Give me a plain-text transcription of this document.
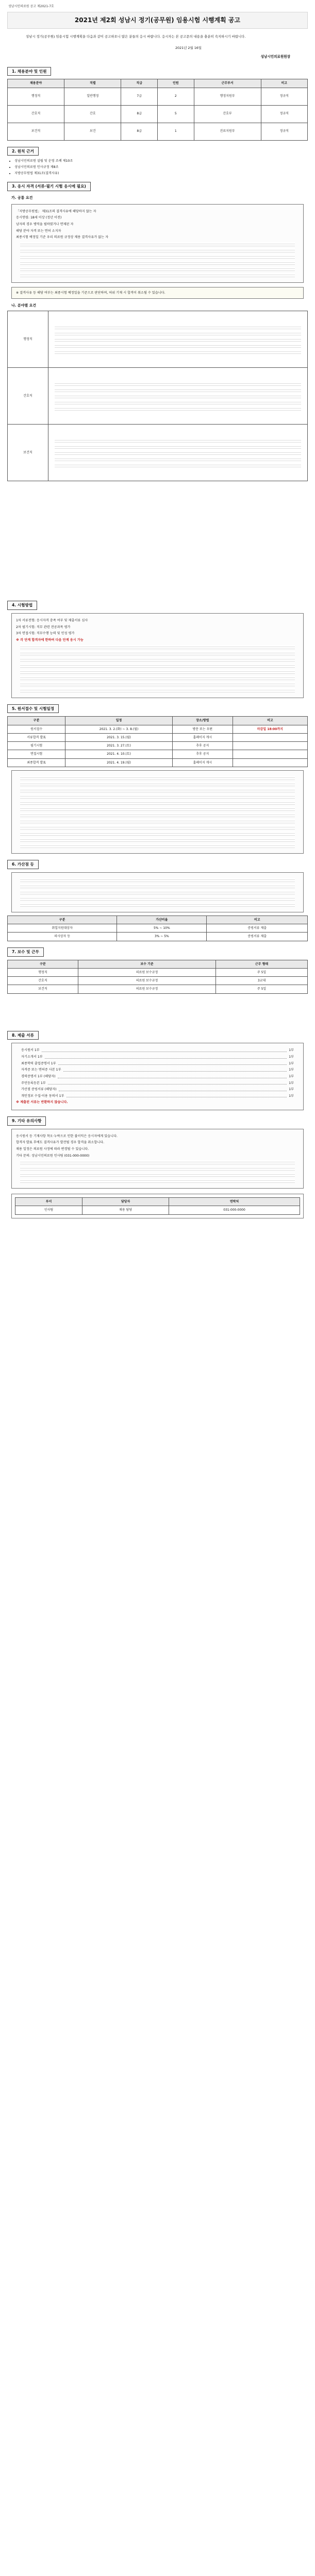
성남시민의료원 공고 제2021-7호
2021년 제2회 성남시 정기(공무원) 임용시험 시행계획 공고
성남시 정기(공무원) 임용시험 시행계획을 다음과 같이 공고하오니 많은 분들의 응시 바랍니다. 응시자는 본 공고문의 내용을 충분히 숙지하시기 바랍니다.
2021년 2월 16일
성남시민의료원원장
1. 채용분야 및 인원
채용분야	직렬	직급	인원	근무부서	비고
행정직	일반행정	7급	2	행정지원부	정규직
간호직	간호	8급	5	간호부	정규직
보건직	보건	8급	1	진료지원부	정규직
2. 원칙 근거
• 성남시민의료원 설립 및 운영 조례 제10조
• 성남시민의료원 인사규정 제8조
• 지방공무원법 제31조(결격사유)
3. 응시 자격 (서류·필기 시험 응시에 필요)
가. 공통 요건

「지방공무원법」 제31조의 결격사유에 해당하지 않는 자

응시연령: 18세 이상 (정년 이전)

남자의 경우 병역을 필하였거나 면제된 자

해당 분야 자격 또는 면허 소지자

최종시험 예정일 기준 우리 의료원 규정상 채용 결격사유가 없는 자

※ 결격사유 등 해당 여부는 최종시험 예정일을 기준으로 판단하며, 허위 기재 시 합격이 취소될 수 있습니다.
나. 분야별 요건
행정직	

간호직	

보건직	
4. 시험방법

1차 서류전형: 응시자격 충족 여부 및 제출서류 심사

2차 필기시험: 직무 관련 전공과목 평가

3차 면접시험: 직무수행 능력 및 인성 평가

※ 각 단계 합격자에 한하여 다음 단계 응시 가능

5. 원서접수 및 시험일정
구분	일정	장소/방법	비고
원서접수	2021. 3. 2.(화) ~ 3. 8.(월)	방문 또는 우편	마감일 18:00까지
서류합격 발표	2021. 3. 15.(월)	홈페이지 게시	
필기시험	2021. 3. 27.(토)	추후 공지	
면접시험	2021. 4. 10.(토)	추후 공지	
최종합격 발표	2021. 4. 19.(월)	홈페이지 게시	
6. 가산점 등
구분	가산비율	비고
취업지원대상자	5% ~ 10%	증빙서류 제출
의사상자 등	3% ~ 5%	증빙서류 제출
7. 보수 및 근무
구분	보수 기준	근무 형태
행정직	의료원 보수규정	주 5일
간호직	의료원 보수규정	3교대
보건직	의료원 보수규정	주 5일
8. 제출 서류
응시원서 1부	1부
자기소개서 1부	1부
최종학력 졸업증명서 1부	1부
자격증 또는 면허증 사본 1부	1부
경력증명서 1부 (해당자)	1부
주민등록등본 1부	1부
가산점 증빙서류 (해당자)	1부
개인정보 수집·이용 동의서 1부	1부

※ 제출된 서류는 반환하지 않습니다.

9. 기타 유의사항

응시원서 등 기재사항 착오·누락으로 인한 불이익은 응시자에게 있습니다.

합격자 발표 후에도 결격사유가 발견될 경우 합격을 취소합니다.

채용 일정은 의료원 사정에 따라 변경될 수 있습니다.

기타 문의: 성남시민의료원 인사팀 (031-000-0000)

부서	담당자	연락처
인사팀	채용 담당	031-000-0000
